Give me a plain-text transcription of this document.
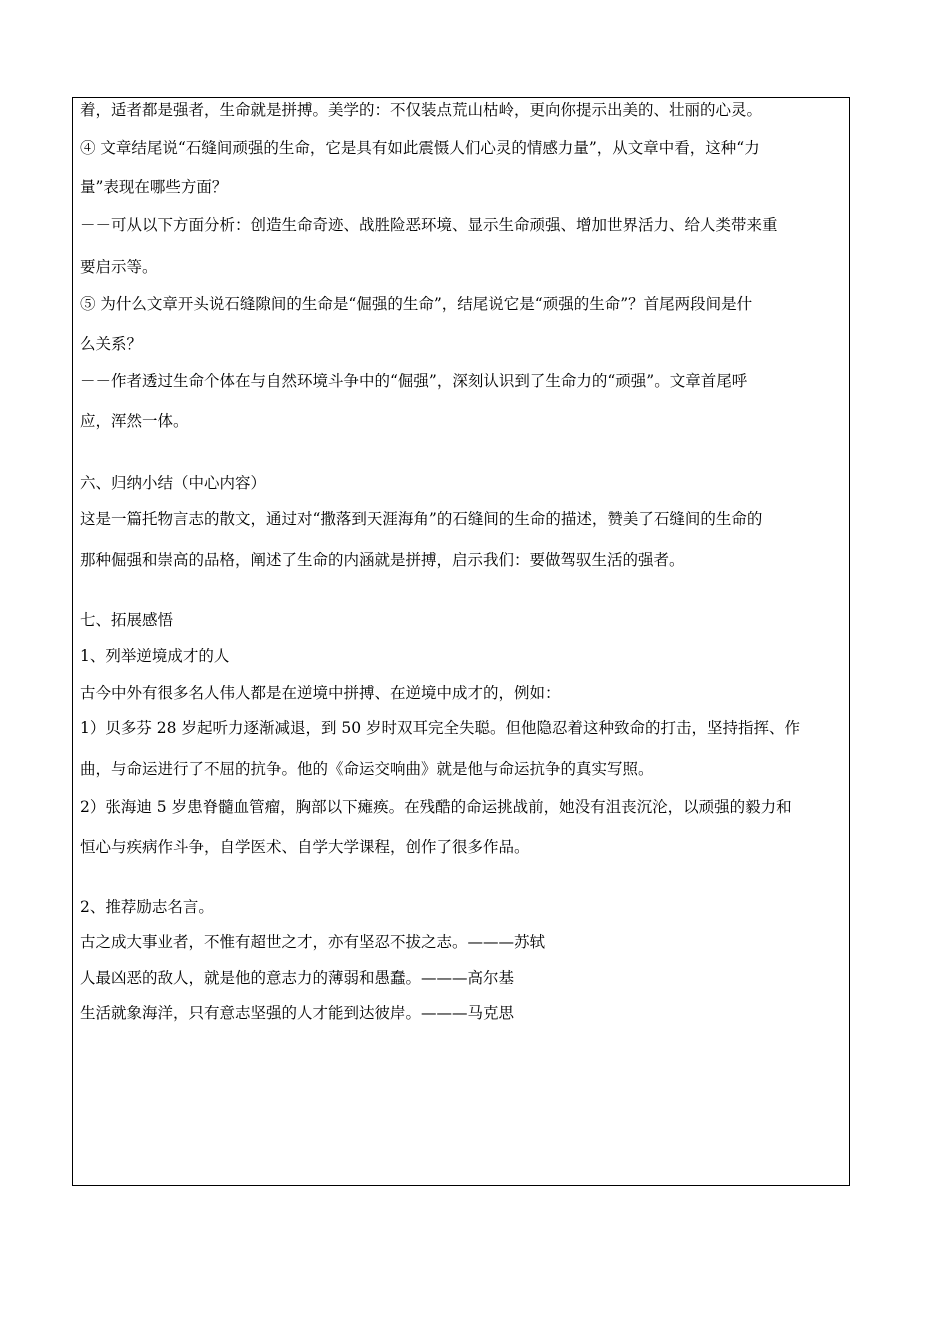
着，适者都是强者，生命就是拼搏。美学的：不仅装点荒山枯岭，更向你提示出美的、壮丽的心灵。
④ 文章结尾说“石缝间顽强的生命，它是具有如此震慑人们心灵的情感力量”，从文章中看，这种“力
量”表现在哪些方面？
－－可从以下方面分析：创造生命奇迹、战胜险恶环境、显示生命顽强、增加世界活力、给人类带来重
要启示等。
⑤ 为什么文章开头说石缝隙间的生命是“倔强的生命”，结尾说它是“顽强的生命”？首尾两段间是什
么关系？
－－作者透过生命个体在与自然环境斗争中的“倔强”，深刻认识到了生命力的“顽强”。文章首尾呼
应，浑然一体。
六、归纳小结（中心内容）
这是一篇托物言志的散文，通过对“撒落到天涯海角”的石缝间的生命的描述，赞美了石缝间的生命的
那种倔强和崇高的品格，阐述了生命的内涵就是拼搏，启示我们：要做驾驭生活的强者。
七、拓展感悟
1、列举逆境成才的人
古今中外有很多名人伟人都是在逆境中拼搏、在逆境中成才的，例如：
1）贝多芬 28 岁起听力逐渐减退，到 50 岁时双耳完全失聪。但他隐忍着这种致命的打击，坚持指挥、作
曲，与命运进行了不屈的抗争。他的《命运交响曲》就是他与命运抗争的真实写照。
2）张海迪 5 岁患脊髓血管瘤，胸部以下瘫痪。在残酷的命运挑战前，她没有沮丧沉沦，以顽强的毅力和
恒心与疾病作斗争，自学医术、自学大学课程，创作了很多作品。
2、推荐励志名言。
古之成大事业者，不惟有超世之才，亦有坚忍不拔之志。———苏轼
人最凶恶的敌人，就是他的意志力的薄弱和愚蠢。———高尔基
生活就象海洋，只有意志坚强的人才能到达彼岸。———马克思
